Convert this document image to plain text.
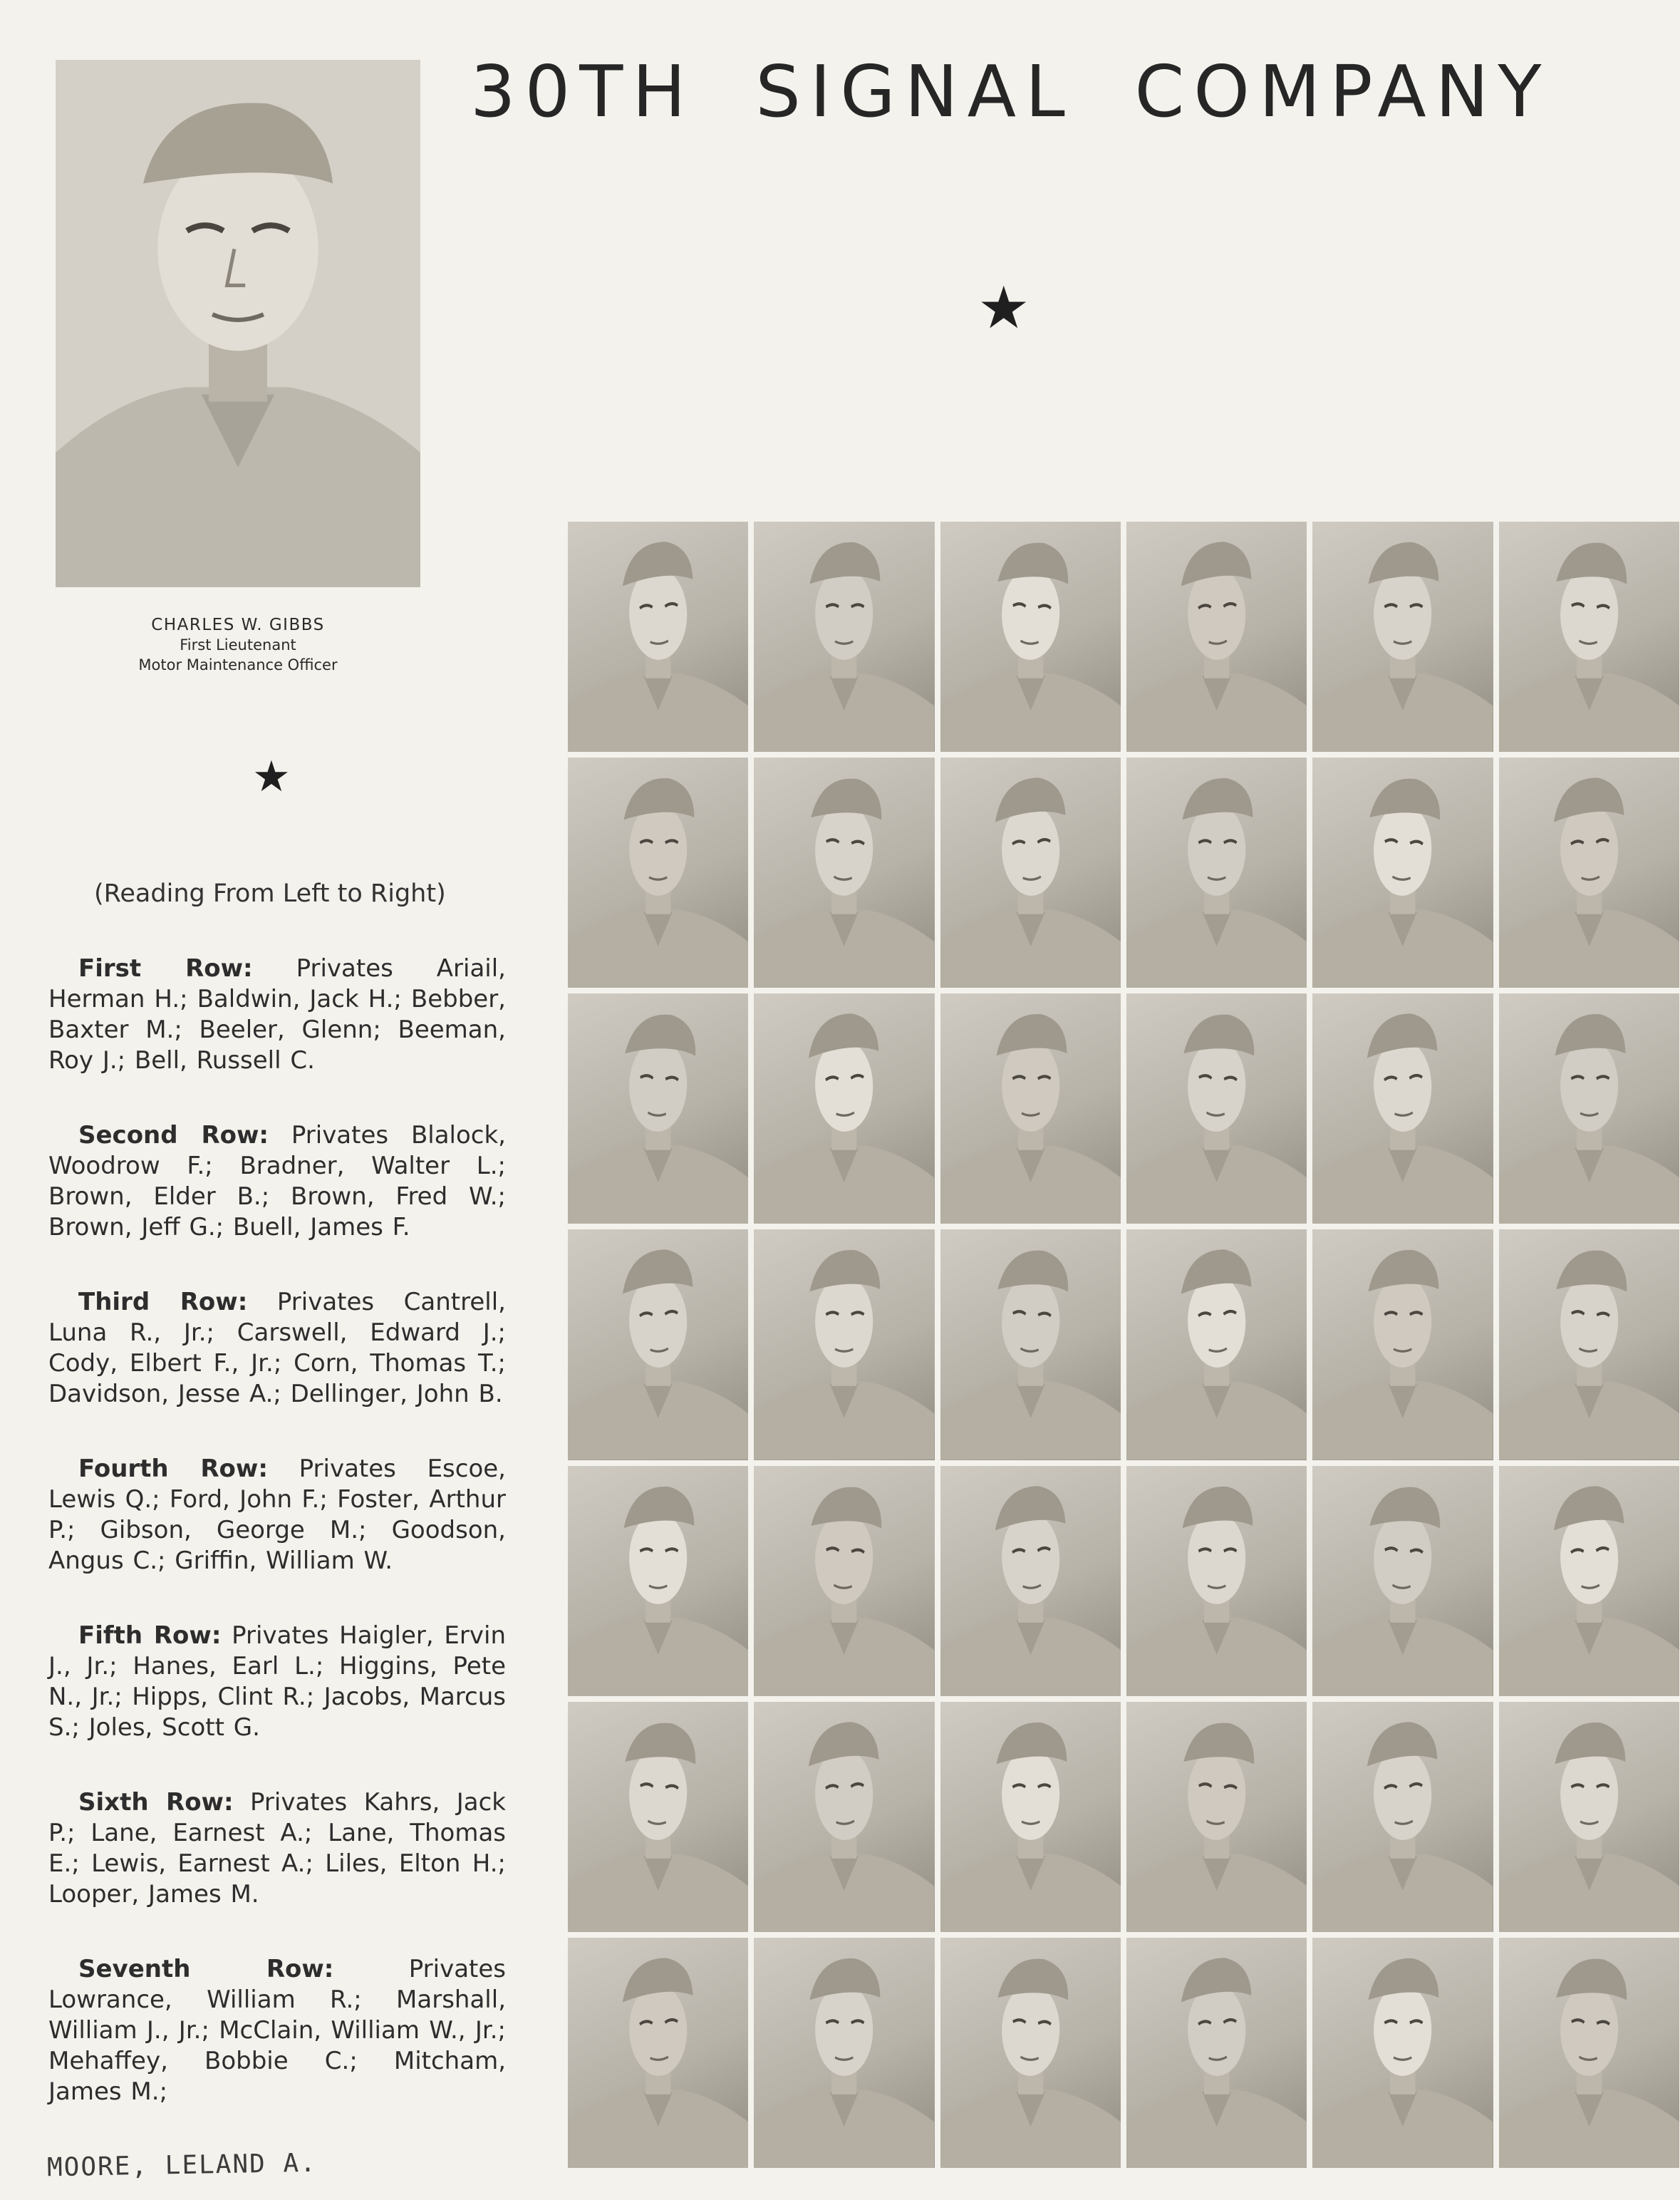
30TH SIGNAL COMPANY
★
CHARLES W. GIBBS
First Lieutenant
Motor Maintenance Officer
★
(Reading From Left to Right)

First Row: Privates Ariail, Herman H.; Baldwin, Jack H.; Bebber, Baxter M.; Beeler, Glenn; Beeman, Roy J.; Bell, Russell C.

Second Row: Privates Blalock, Woodrow F.; Bradner, Walter L.; Brown, Elder B.; Brown, Fred W.; Brown, Jeff G.; Buell, James F.

Third Row: Privates Cantrell, Luna R., Jr.; Carswell, Edward J.; Cody, Elbert F., Jr.; Corn, Thomas T.; Davidson, Jesse A.; Dellinger, John B.

Fourth Row: Privates Escoe, Lewis Q.; Ford, John F.; Foster, Arthur P.; Gibson, George M.; Goodson, Angus C.; Griffin, William W.

Fifth Row: Privates Haigler, Ervin J., Jr.; Hanes, Earl L.; Higgins, Pete N., Jr.; Hipps, Clint R.; Jacobs, Marcus S.; Joles, Scott G.

Sixth Row: Privates Kahrs, Jack P.; Lane, Earnest A.; Lane, Thomas E.; Lewis, Earnest A.; Liles, Elton H.; Looper, James M.

Seventh Row:	Privates Lowrance, William R.; Marshall, William J., Jr.; McClain, William W., Jr.; Mehaffey, Bobbie C.; Mitcham, James M.;

MOORE, LELAND A.
